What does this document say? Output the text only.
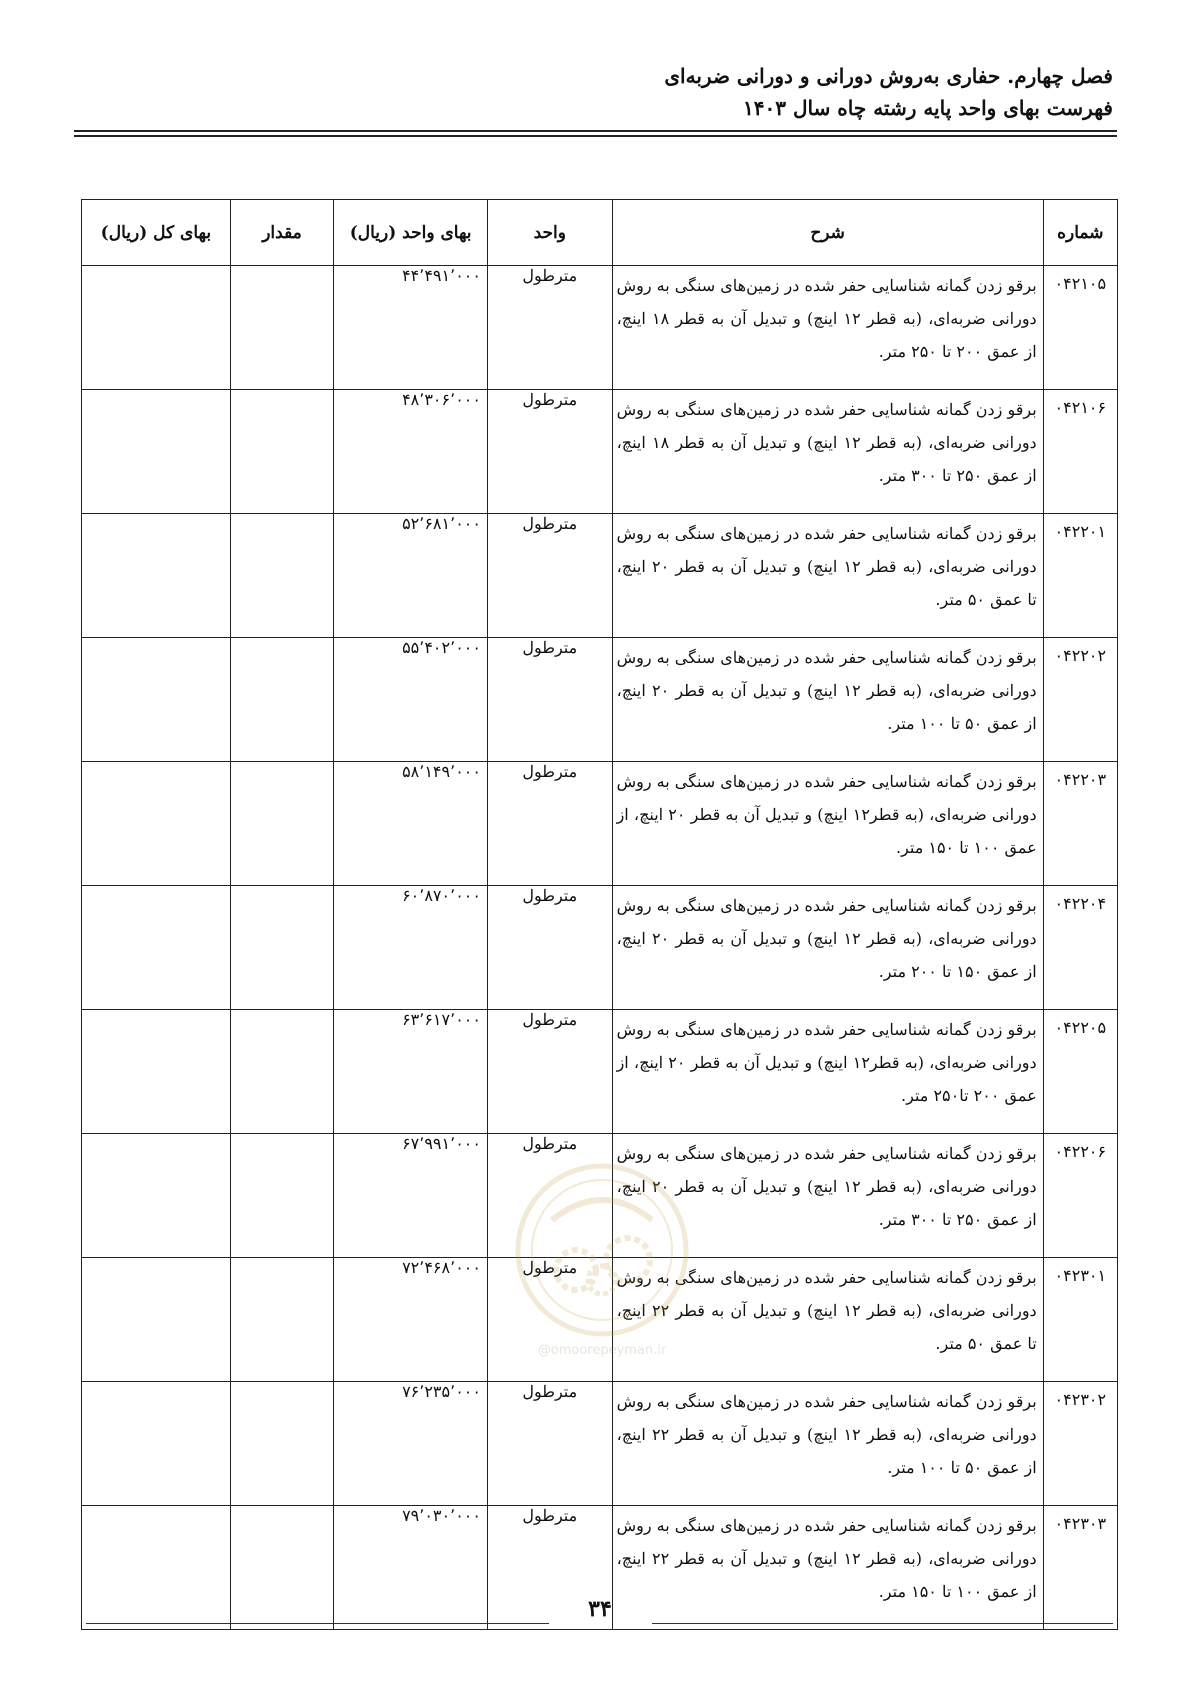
فصل چهارم. حفاری به‌روش دورانی و دورانی ضربه‌ای
فهرست بهای واحد پایه رشته چاه سال ۱۴۰۳
شماره	شرح	واحد	بهای واحد (ریال)	مقدار	بهای کل (ریال)
۰۴۲۱۰۵	برقو زدن گمانه شناسایی حفر شده در زمین‌های سنگی به روش دورانی ضربه‌ای، (به قطر ۱۲ اینچ) و تبدیل آن به قطر ۱۸ اینچ، از عمق ۲۰۰ تا ۲۵۰ متر.	مترطول	۴۴٬۴۹۱٬۰۰۰		
۰۴۲۱۰۶	برقو زدن گمانه شناسایی حفر شده در زمین‌های سنگی به روش دورانی ضربه‌ای، (به قطر ۱۲ اینچ) و تبدیل آن به قطر ۱۸ اینچ، از عمق ۲۵۰ تا ۳۰۰ متر.	مترطول	۴۸٬۳۰۶٬۰۰۰		
۰۴۲۲۰۱	برقو زدن گمانه شناسایی حفر شده در زمین‌های سنگی به روش دورانی ضربه‌ای، (به قطر ۱۲ اینچ) و تبدیل آن به قطر ۲۰ اینچ، تا عمق ۵۰ متر.	مترطول	۵۲٬۶۸۱٬۰۰۰		
۰۴۲۲۰۲	برقو زدن گمانه شناسایی حفر شده در زمین‌های سنگی به روش دورانی ضربه‌ای، (به قطر ۱۲ اینچ) و تبدیل آن به قطر ۲۰ اینچ، از عمق ۵۰ تا ۱۰۰ متر.	مترطول	۵۵٬۴۰۲٬۰۰۰		
۰۴۲۲۰۳	برقو زدن گمانه شناسایی حفر شده در زمین‌های سنگی به روش دورانی ضربه‌ای، (به قطر۱۲ اینچ) و تبدیل آن به قطر ۲۰ اینچ، از عمق ۱۰۰ تا ۱۵۰ متر.	مترطول	۵۸٬۱۴۹٬۰۰۰		
۰۴۲۲۰۴	برقو زدن گمانه شناسایی حفر شده در زمین‌های سنگی به روش دورانی ضربه‌ای، (به قطر ۱۲ اینچ) و تبدیل آن به قطر ۲۰ اینچ، از عمق ۱۵۰ تا ۲۰۰ متر.	مترطول	۶۰٬۸۷۰٬۰۰۰		
۰۴۲۲۰۵	برقو زدن گمانه شناسایی حفر شده در زمین‌های سنگی به روش دورانی ضربه‌ای، (به قطر۱۲ اینچ) و تبدیل آن به قطر ۲۰ اینچ، از عمق ۲۰۰ تا۲۵۰ متر.	مترطول	۶۳٬۶۱۷٬۰۰۰		
۰۴۲۲۰۶	برقو زدن گمانه شناسایی حفر شده در زمین‌های سنگی به روش دورانی ضربه‌ای، (به قطر ۱۲ اینچ) و تبدیل آن به قطر ۲۰ اینچ، از عمق ۲۵۰ تا ۳۰۰ متر.	مترطول	۶۷٬۹۹۱٬۰۰۰		
۰۴۲۳۰۱	برقو زدن گمانه شناسایی حفر شده در زمین‌های سنگی به روش دورانی ضربه‌ای، (به قطر ۱۲ اینچ) و تبدیل آن به قطر ۲۲ اینچ، تا عمق ۵۰ متر.	مترطول	۷۲٬۴۶۸٬۰۰۰		
۰۴۲۳۰۲	برقو زدن گمانه شناسایی حفر شده در زمین‌های سنگی به روش دورانی ضربه‌ای، (به قطر ۱۲ اینچ) و تبدیل آن به قطر ۲۲ اینچ، از عمق ۵۰ تا ۱۰۰ متر.	مترطول	۷۶٬۲۳۵٬۰۰۰		
۰۴۲۳۰۳	برقو زدن گمانه شناسایی حفر شده در زمین‌های سنگی به روش دورانی ضربه‌ای، (به قطر ۱۲ اینچ) و تبدیل آن به قطر ۲۲ اینچ، از عمق ۱۰۰ تا ۱۵۰ متر.	مترطول	۷۹٬۰۳۰٬۰۰۰		
@omoorepeyman.ir
۳۴
